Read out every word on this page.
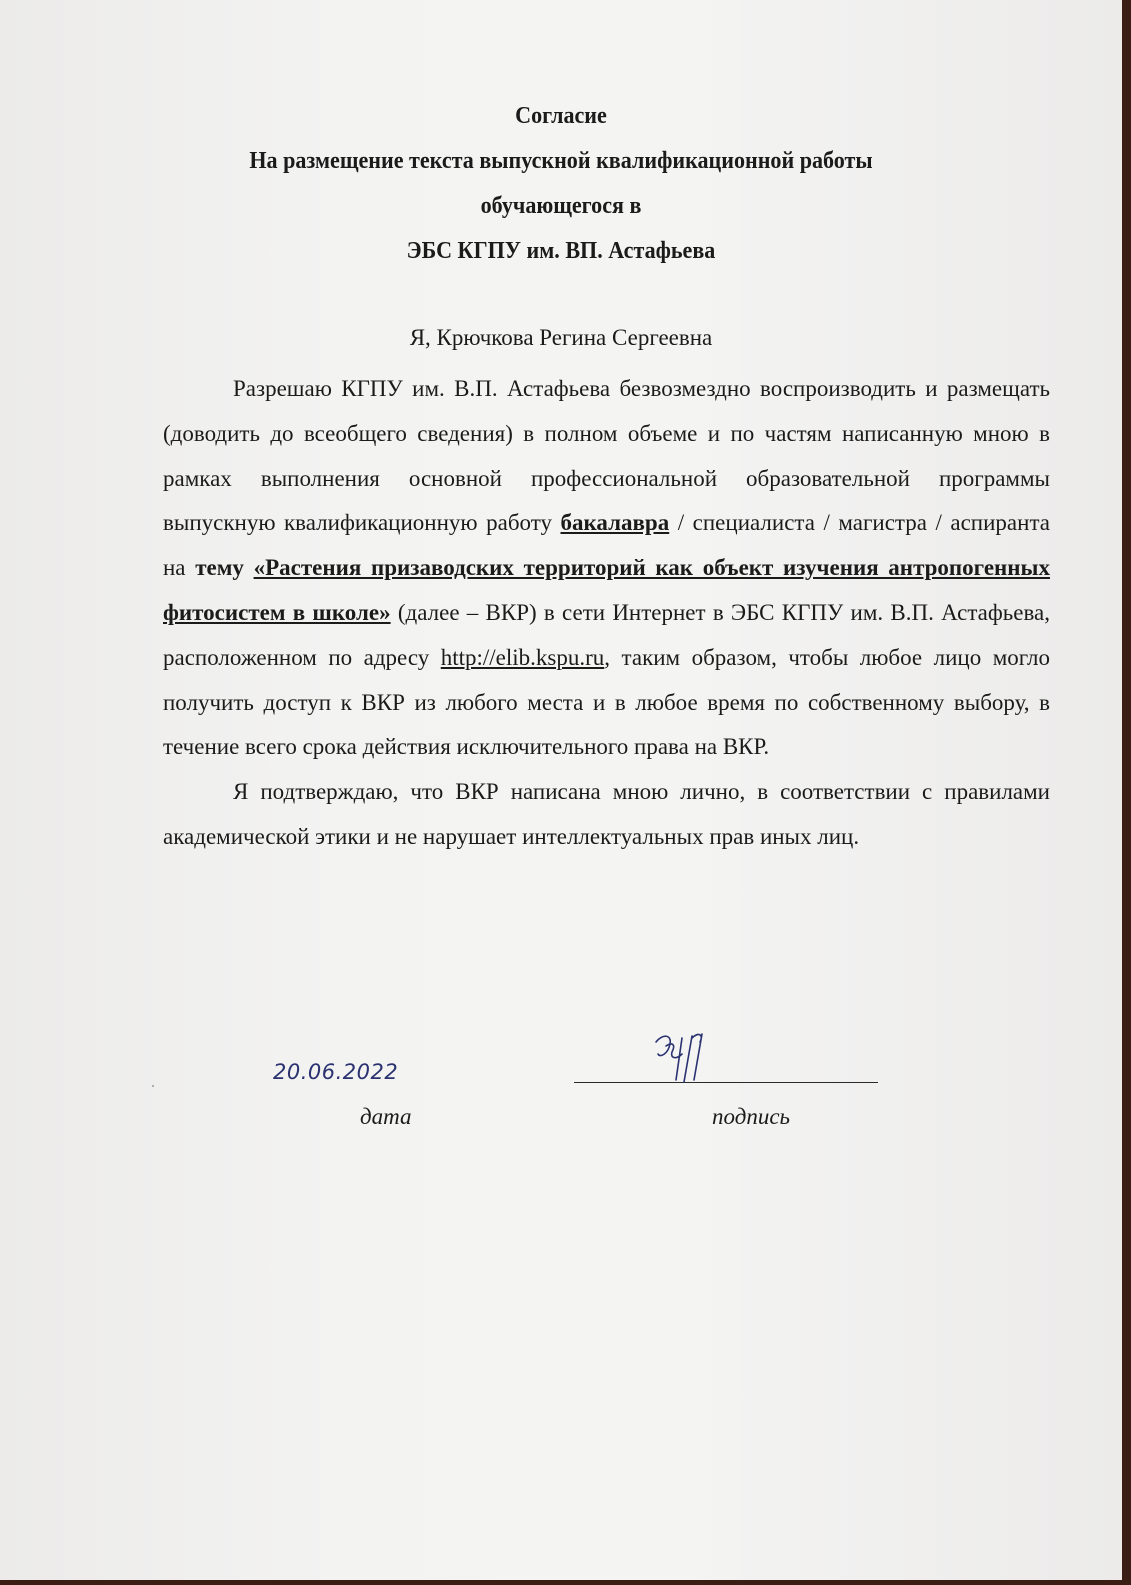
Согласие
На размещение текста выпускной квалификационной работы
обучающегося в
ЭБС КГПУ им. ВП. Астафьева
Я, Крючкова Регина Сергеевна

Разрешаю КГПУ им. В.П. Астафьева безвозмездно воспроизводить и размещать (доводить до всеобщего сведения) в полном объеме и по частям написанную мною в рамках выполнения основной профессиональной образовательной программы выпускную квалификационную работу бакалавра / специалиста / магистра / аспиранта на тему «Растения призаводских территорий как объект изучения антропогенных фитосистем в школе» (далее – ВКР) в сети Интернет в ЭБС КГПУ им. В.П. Астафьева, расположенном по адресу http://elib.kspu.ru, таким образом, чтобы любое лицо могло получить доступ к ВКР из любого места и в любое время по собственному выбору, в течение всего срока действия исключительного права на ВКР.

Я подтверждаю, что ВКР написана мною лично, в соответствии с правилами академической этики и не нарушает интеллектуальных прав иных лиц.

20.06.2022
дата	подпись
